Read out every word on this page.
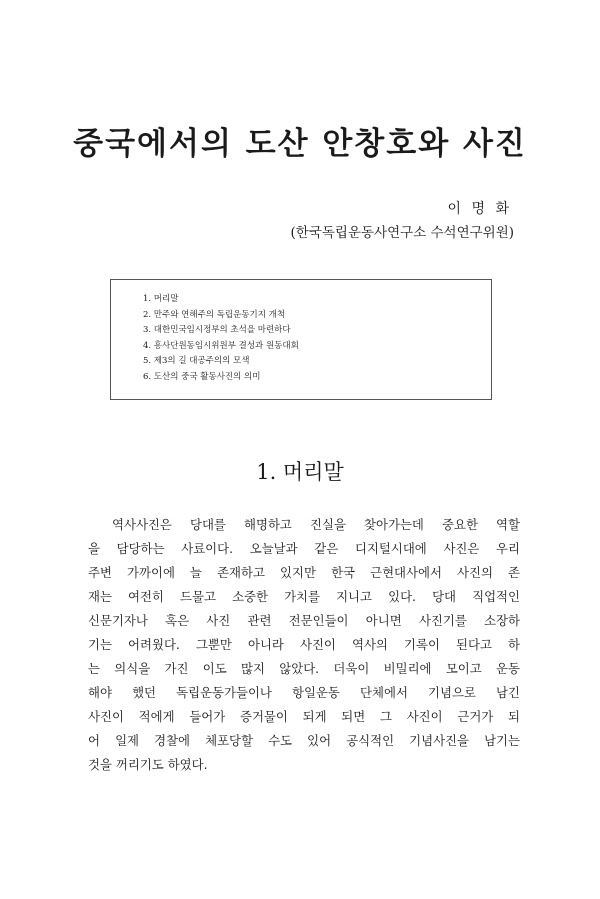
중국에서의 도산 안창호와 사진
이 명 화
(한국독립운동사연구소 수석연구위원)
1. 머리말
2. 만주와 연해주의 독립운동기지 개척
3. 대한민국임시정부의 초석을 마련하다
4. 흥사단원동임시위원부 결성과 원동대회
5. 제3의 길 대공주의의 모색
6. 도산의 중국 활동사진의 의미
1. 머리말
역사사진은 당대를 해명하고 진실을 찾아가는데 중요한 역할
을 담당하는 사료이다. 오늘날과 같은 디지털시대에 사진은 우리
주변 가까이에 늘 존재하고 있지만 한국 근현대사에서 사진의 존
재는 여전히 드물고 소중한 가치를 지니고 있다. 당대 직업적인
신문기자나 혹은 사진 관련 전문인들이 아니면 사진기를 소장하
기는 어려웠다. 그뿐만 아니라 사진이 역사의 기록이 된다고 하
는 의식을 가진 이도 많지 않았다. 더욱이 비밀리에 모이고 운동
해야 했던 독립운동가들이나 항일운동 단체에서 기념으로 남긴
사진이 적에게 들어가 증거물이 되게 되면 그 사진이 근거가 되
어 일제 경찰에 체포당할 수도 있어 공식적인 기념사진을 남기는
것을 꺼리기도 하였다.
